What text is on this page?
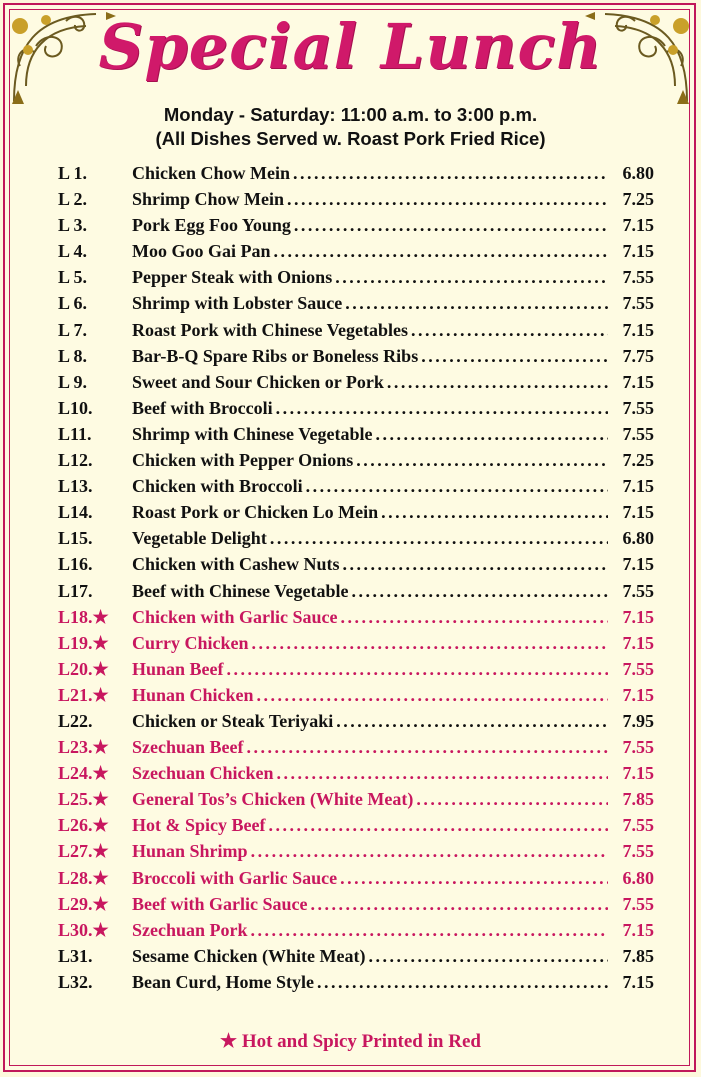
Special Lunch
Monday - Saturday: 11:00 a.m. to 3:00 p.m.
(All Dishes Served w. Roast Pork Fried Rice)
L 1.	Chicken Chow Mein . . .	6.80
L 2.	Shrimp Chow Mein . . .	7.25
L 3.	Pork Egg Foo Young . . .	7.15
L 4.	Moo Goo Gai Pan . . .	7.15
L 5.	Pepper Steak with Onions . . .	7.55
L 6.	Shrimp with Lobster Sauce . . .	7.55
L 7.	Roast Pork with Chinese Vegetables . . .	7.15
L 8.	Bar-B-Q Spare Ribs or Boneless Ribs . . .	7.75
L 9.	Sweet and Sour Chicken or Pork . . .	7.15
L10.	Beef with Broccoli . . .	7.55
L11.	Shrimp with Chinese Vegetable . . .	7.55
L12.	Chicken with Pepper Onions . . .	7.25
L13.	Chicken with Broccoli . . .	7.15
L14.	Roast Pork or Chicken Lo Mein . . .	7.15
L15.	Vegetable Delight . . .	6.80
L16.	Chicken with Cashew Nuts . . .	7.15
L17.	Beef with Chinese Vegetable . . .	7.55
L18.★	Chicken with Garlic Sauce . . .	7.15
L19.★	Curry Chicken . . .	7.15
L20.★	Hunan Beef . . .	7.55
L21.★	Hunan Chicken . . .	7.15
L22.	Chicken or Steak Teriyaki . . .	7.95
L23.★	Szechuan Beef . . .	7.55
L24.★	Szechuan Chicken . . .	7.15
L25.★	General Tos’s Chicken (White Meat) . . .	7.85
L26.★	Hot & Spicy Beef . . .	7.55
L27.★	Hunan Shrimp . . .	7.55
L28.★	Broccoli with Garlic Sauce . . .	6.80
L29.★	Beef with Garlic Sauce . . .	7.55
L30.★	Szechuan Pork . . .	7.15
L31.	Sesame Chicken (White Meat) . . .	7.85
L32.	Bean Curd, Home Style . . .	7.15
★ Hot and Spicy Printed in Red
